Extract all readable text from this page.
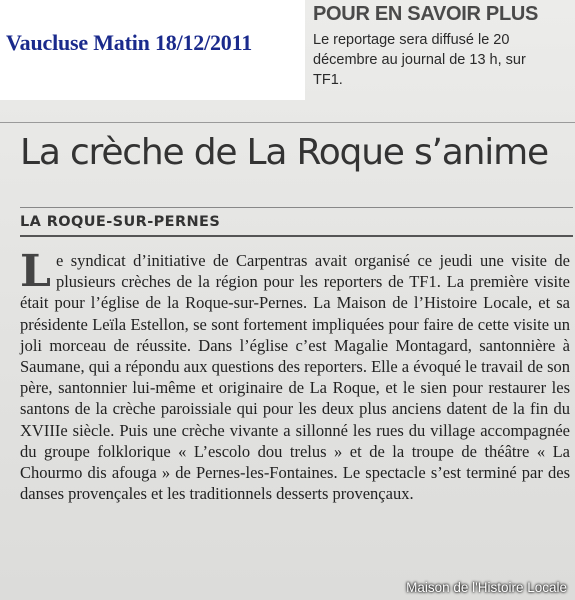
Vaucluse Matin 18/12/2011
POUR EN SAVOIR PLUS
Le reportage sera diffusé le 20 décembre au journal de 13 h, sur TF1.
La crèche de La Roque s’anime
LA ROQUE-SUR-PERNES
Le syndicat d’initiative de Carpentras avait organisé ce jeudi une visite de plusieurs crèches de la région pour les reporters de TF1. La première visite était pour l’église de la Roque-sur-Pernes. La Maison de l’Histoire Locale, et sa présidente Leïla Estellon, se sont fortement impliquées pour faire de cette visite un joli morceau de réussite. Dans l’église c’est Magalie Montagard, santonnière à Saumane, qui a répondu aux questions des reporters. Elle a évoqué le travail de son père, santonnier lui-même et originaire de La Roque, et le sien pour restaurer les santons de la crèche paroissiale qui pour les deux plus anciens datent de la fin du XVIIIe siècle. Puis une crèche vivante a sillonné les rues du village accompagnée du groupe folklorique « L’escolo dou trelus » et de la troupe de théâtre « La Chourmo dis afouga » de Pernes-les-Fontaines. Le spectacle s’est terminé par des danses provençales et les traditionnels desserts provençaux.
Maison de l'Histoire Locale
